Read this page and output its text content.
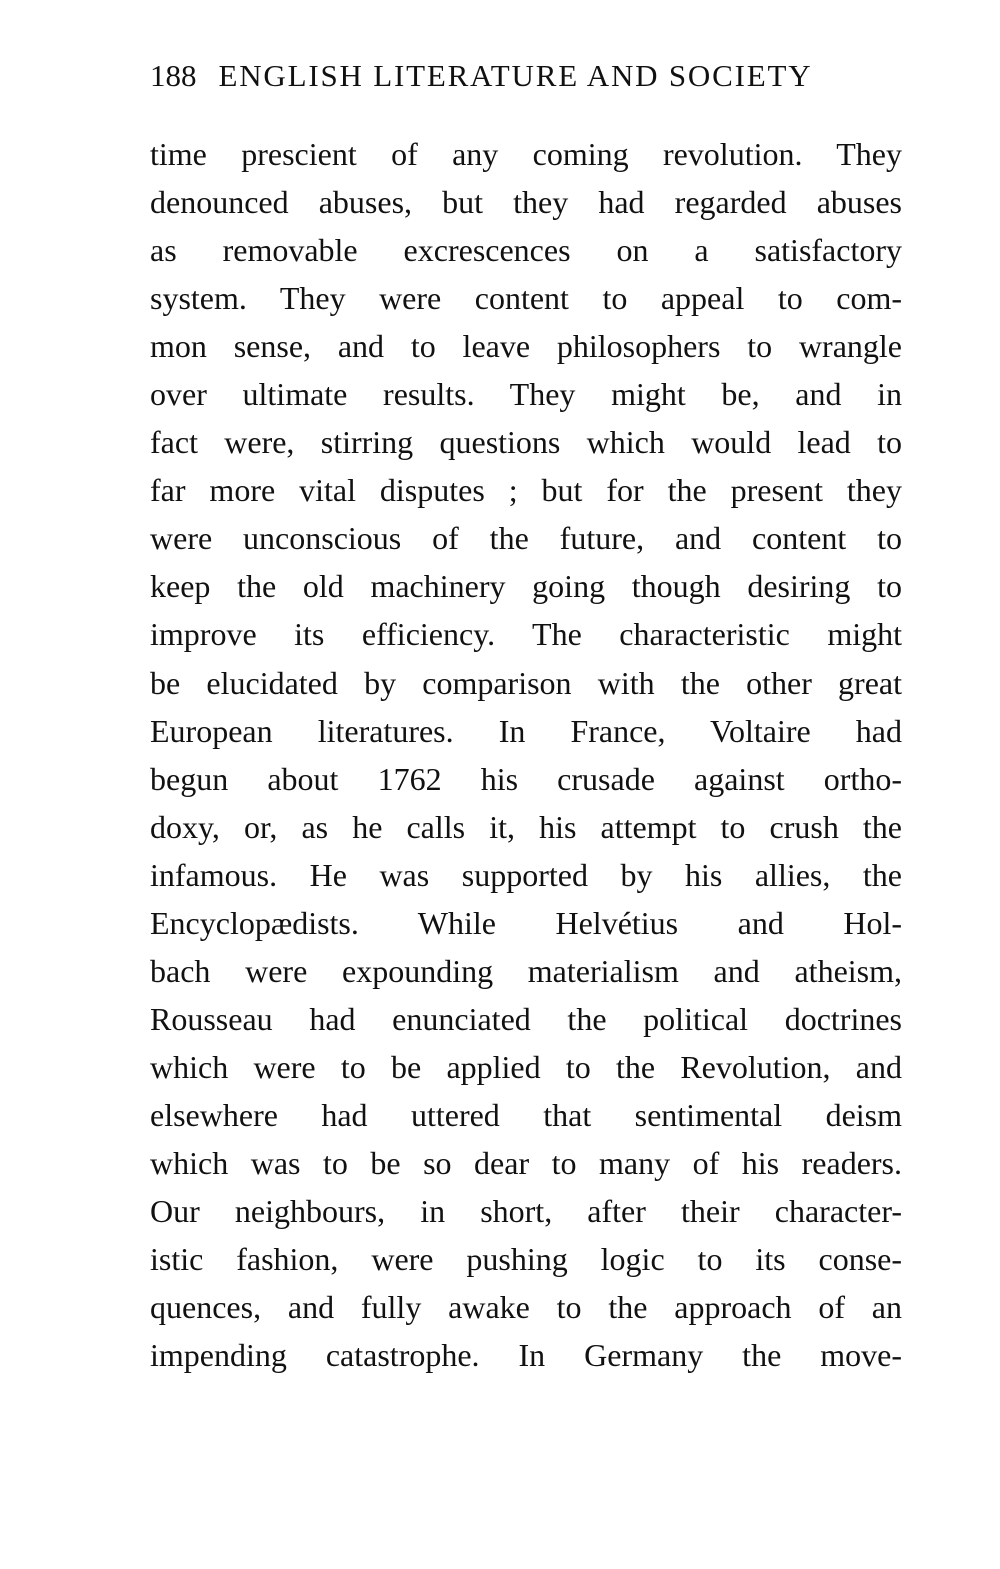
188 ENGLISH LITERATURE AND SOCIETY
time prescient of any coming revolution. They
denounced abuses, but they had regarded abuses
as removable excrescences on a satisfactory
system. They were content to appeal to com-
mon sense, and to leave philosophers to wrangle
over ultimate results. They might be, and in
fact were, stirring questions which would lead to
far more vital disputes ; but for the present they
were unconscious of the future, and content to
keep the old machinery going though desiring to
improve its efficiency. The characteristic might
be elucidated by comparison with the other great
European literatures. In France, Voltaire had
begun about 1762 his crusade against ortho-
doxy, or, as he calls it, his attempt to crush the
infamous. He was supported by his allies, the
Encyclopædists. While Helvétius and Hol-
bach were expounding materialism and atheism,
Rousseau had enunciated the political doctrines
which were to be applied to the Revolution, and
elsewhere had uttered that sentimental deism
which was to be so dear to many of his readers.
Our neighbours, in short, after their character-
istic fashion, were pushing logic to its conse-
quences, and fully awake to the approach of an
impending catastrophe. In Germany the move-
